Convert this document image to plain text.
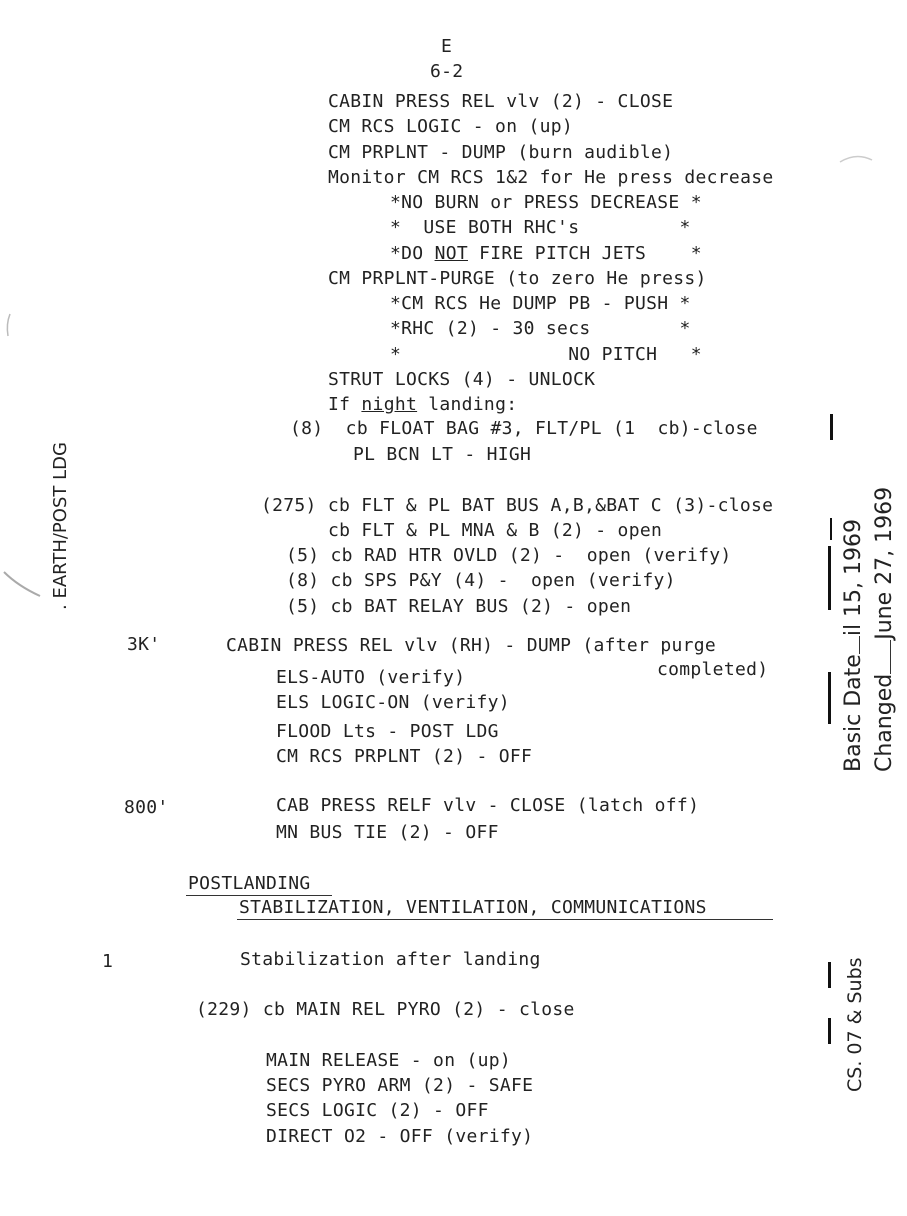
E
6-2
CABIN PRESS REL vlv (2) - CLOSE
CM RCS LOGIC - on (up)
CM PRPLNT - DUMP (burn audible)
Monitor CM RCS 1&2 for He press decrease
*NO BURN or PRESS DECREASE *
*  USE BOTH RHC's         *
*DO NOT FIRE PITCH JETS    *
CM PRPLNT-PURGE (to zero He press)
*CM RCS He DUMP PB - PUSH *
*RHC (2) - 30 secs        *
*               NO PITCH   *
STRUT LOCKS (4) - UNLOCK
If night landing:
(8)  cb FLOAT BAG #3, FLT/PL (1  cb)-close
PL BCN LT - HIGH
(275) cb FLT & PL BAT BUS A,B,&BAT C (3)-close
cb FLT & PL MNA & B (2) - open
(5) cb RAD HTR OVLD (2) -  open (verify)
(8) cb SPS P&Y (4) -  open (verify)
(5) cb BAT RELAY BUS (2) - open
3K'	CABIN PRESS REL vlv (RH) - DUMP (after purge
completed)
ELS-AUTO (verify)
ELS LOGIC-ON (verify)
FLOOD Lts - POST LDG
CM RCS PRPLNT (2) - OFF
800'	CAB PRESS RELF vlv - CLOSE (latch off)
MN BUS TIE (2) - OFF
POSTLANDING
STABILIZATION, VENTILATION, COMMUNICATIONS
1	Stabilization after landing
(229) cb MAIN REL PYRO (2) - close
MAIN RELEASE - on (up)
SECS PYRO ARM (2) - SAFE
SECS LOGIC (2) - OFF
DIRECT O2 - OFF (verify)
. EARTH/POST LDG
Basic Dateil 15, 1969
ChangedJune 27, 1969
CS. 07 & Subs
